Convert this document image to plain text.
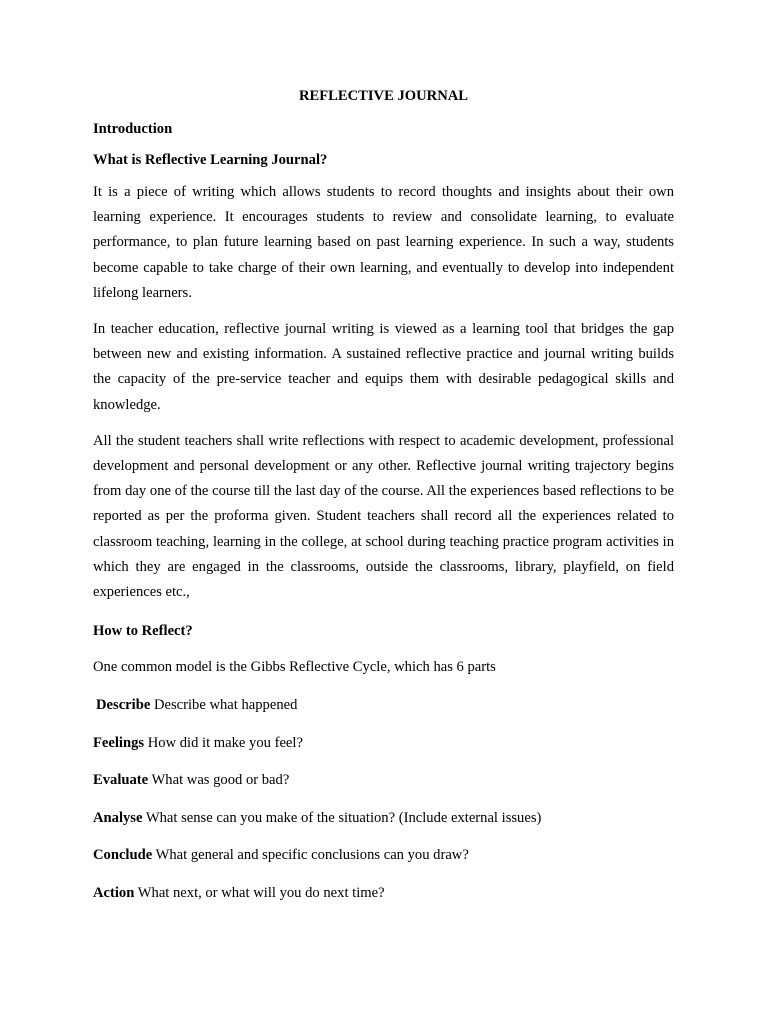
REFLECTIVE JOURNAL
Introduction
What is Reflective Learning Journal?

It is a piece of writing which allows students to record thoughts and insights about their own learning experience. It encourages students to review and consolidate learning, to evaluate performance, to plan future learning based on past learning experience. In such a way, students become capable to take charge of their own learning, and eventually to develop into independent lifelong learners.

In teacher education, reflective journal writing is viewed as a learning tool that bridges the gap between new and existing information. A sustained reflective practice and journal writing builds the capacity of the pre-service teacher and equips them with desirable pedagogical skills and knowledge.

All the student teachers shall write reflections with respect to academic development, professional development and personal development or any other. Reflective journal writing trajectory begins from day one of the course till the last day of the course. All the experiences based reflections to be reported as per the proforma given. Student teachers shall record all the experiences related to classroom teaching, learning in the college, at school during teaching practice program activities in which they are engaged in the classrooms, outside the classrooms, library, playfield, on field experiences etc.,

How to Reflect?
One common model is the Gibbs Reflective Cycle, which has 6 parts
Describe Describe what happened
Feelings How did it make you feel?
Evaluate What was good or bad?
Analyse What sense can you make of the situation? (Include external issues)
Conclude What general and specific conclusions can you draw?
Action What next, or what will you do next time?
